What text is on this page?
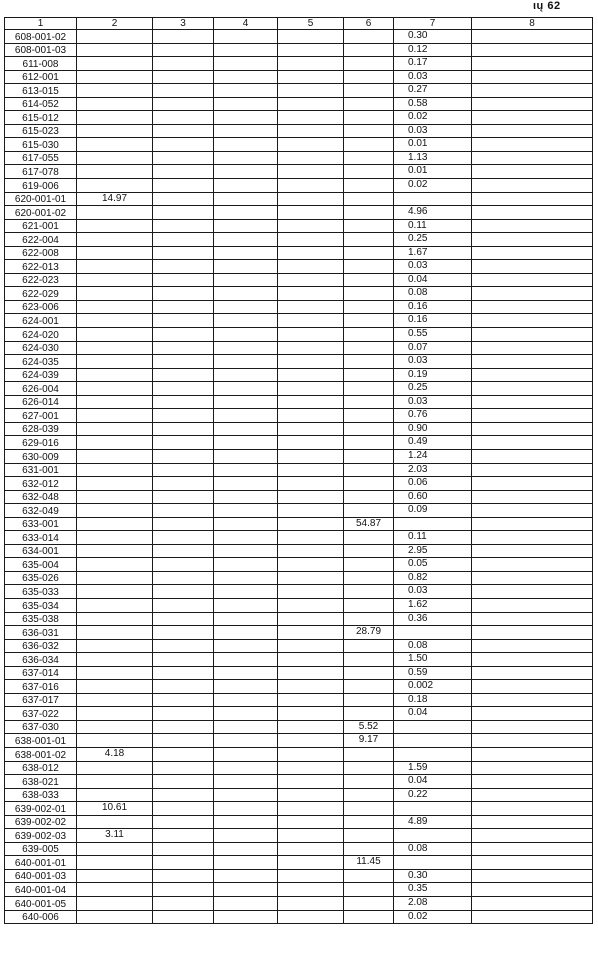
ιų 62
1	2	3	4	5	6	7	8
608-001-02						0.30	
608-001-03						0.12	
611-008						0.17	
612-001						0.03	
613-015						0.27	
614-052						0.58	
615-012						0.02	
615-023						0.03	
615-030						0.01	
617-055						1.13	
617-078						0.01	
619-006						0.02	
620-001-01	14.97						
620-001-02						4.96	
621-001						0.11	
622-004						0.25	
622-008						1.67	
622-013						0.03	
622-023						0.04	
622-029						0.08	
623-006						0.16	
624-001						0.16	
624-020						0.55	
624-030						0.07	
624-035						0.03	
624-039						0.19	
626-004						0.25	
626-014						0.03	
627-001						0.76	
628-039						0.90	
629-016						0.49	
630-009						1.24	
631-001						2.03	
632-012						0.06	
632-048						0.60	
632-049						0.09	
633-001					54.87		
633-014						0.11	
634-001						2.95	
635-004						0.05	
635-026						0.82	
635-033						0.03	
635-034						1.62	
635-038						0.36	
636-031					28.79		
636-032						0.08	
636-034						1.50	
637-014						0.59	
637-016						0.002	
637-017						0.18	
637-022						0.04	
637-030					5.52		
638-001-01					9.17		
638-001-02	4.18						
638-012						1.59	
638-021						0.04	
638-033						0.22	
639-002-01	10.61						
639-002-02						4.89	
639-002-03	3.11						
639-005						0.08	
640-001-01					11.45		
640-001-03						0.30	
640-001-04						0.35	
640-001-05						2.08	
640-006						0.02	
